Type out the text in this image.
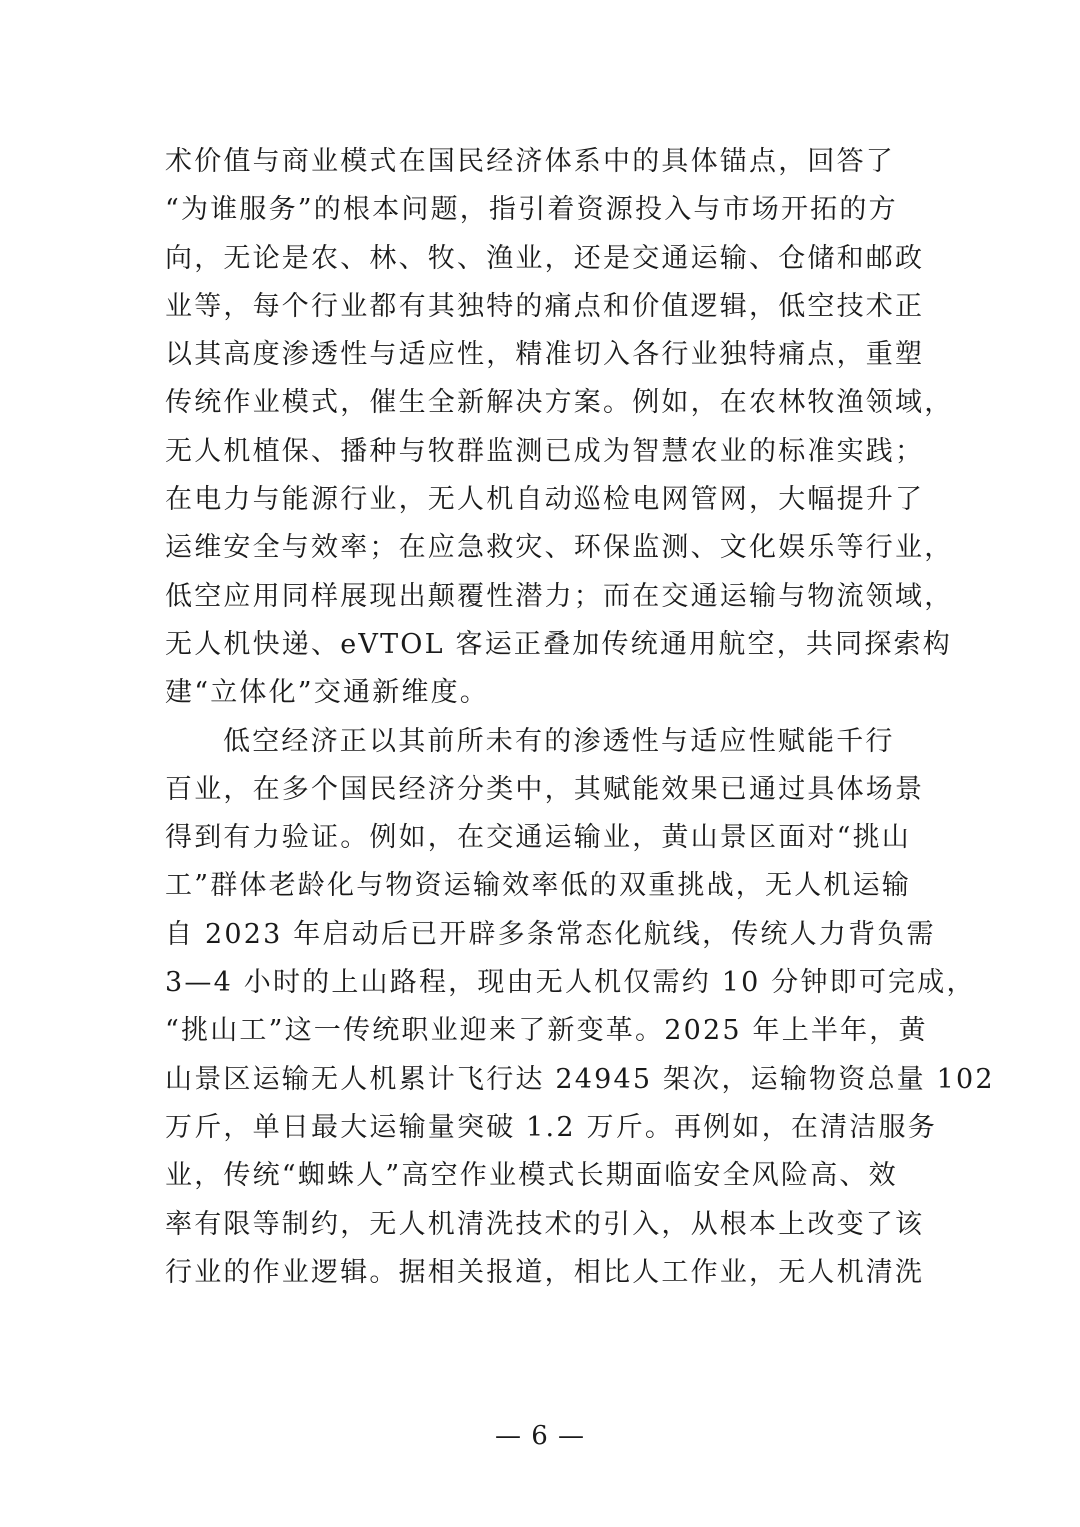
术价值与商业模式在国民经济体系中的具体锚点，回答了
“为谁服务”的根本问题，指引着资源投入与市场开拓的方
向，无论是农、林、牧、渔业，还是交通运输、仓储和邮政
业等，每个行业都有其独特的痛点和价值逻辑，低空技术正
以其高度渗透性与适应性，精准切入各行业独特痛点，重塑
传统作业模式，催生全新解决方案。例如，在农林牧渔领域，
无人机植保、播种与牧群监测已成为智慧农业的标准实践；
在电力与能源行业，无人机自动巡检电网管网，大幅提升了
运维安全与效率；在应急救灾、环保监测、文化娱乐等行业，
低空应用同样展现出颠覆性潜力；而在交通运输与物流领域，
无人机快递、eVTOL 客运正叠加传统通用航空，共同探索构
建“立体化”交通新维度。
低空经济正以其前所未有的渗透性与适应性赋能千行
百业，在多个国民经济分类中，其赋能效果已通过具体场景
得到有力验证。例如，在交通运输业，黄山景区面对“挑山
工”群体老龄化与物资运输效率低的双重挑战，无人机运输
自 2023 年启动后已开辟多条常态化航线，传统人力背负需
3—4 小时的上山路程，现由无人机仅需约 10 分钟即可完成，
“挑山工”这一传统职业迎来了新变革。2025 年上半年，黄
山景区运输无人机累计飞行达 24945 架次，运输物资总量 102
万斤，单日最大运输量突破 1.2 万斤。再例如，在清洁服务
业，传统“蜘蛛人”高空作业模式长期面临安全风险高、效
率有限等制约，无人机清洗技术的引入，从根本上改变了该
行业的作业逻辑。据相关报道，相比人工作业，无人机清洗
— 6 —
